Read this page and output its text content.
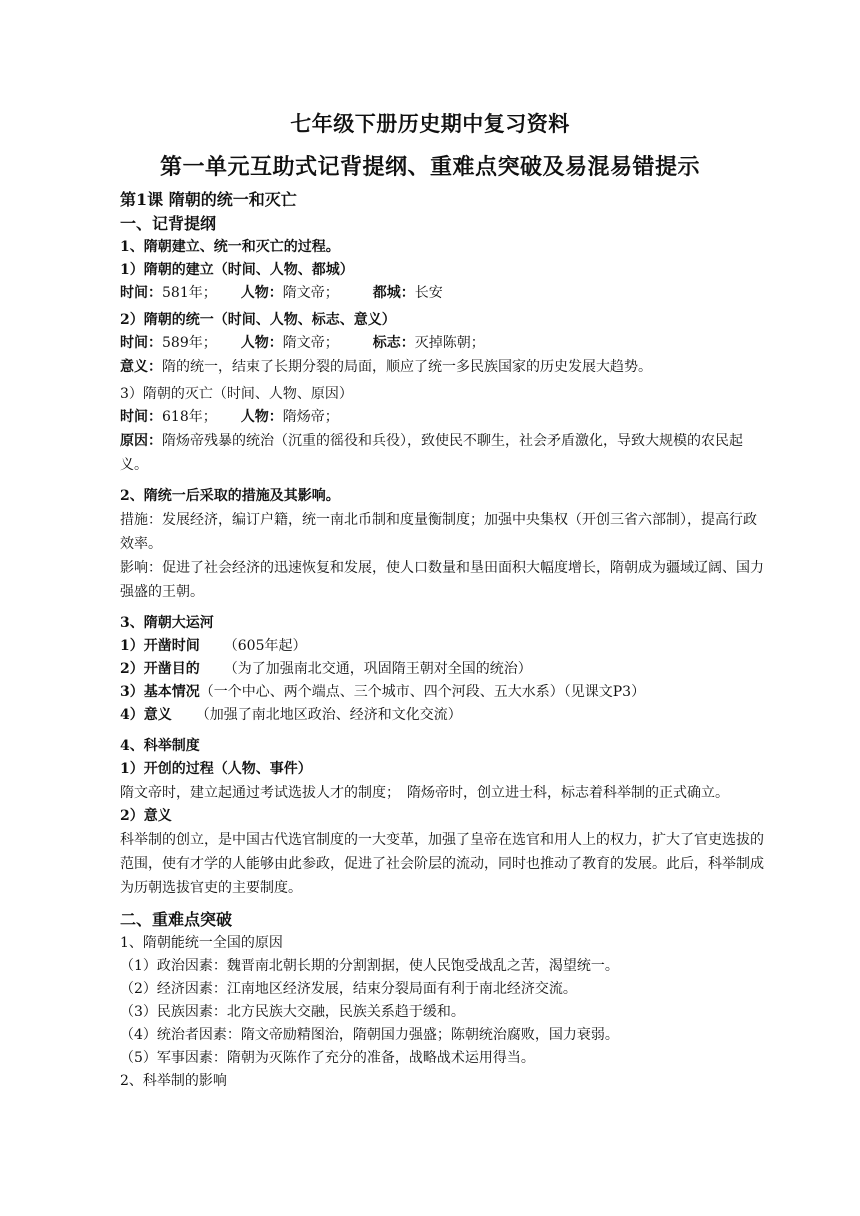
七年级下册历史期中复习资料
第一单元互助式记背提纲、重难点突破及易混易错提示
第1课 隋朝的统一和灭亡
一、记背提纲
1、隋朝建立、统一和灭亡的过程。
1）隋朝的建立（时间、人物、都城）
时间：581年； 人物：隋文帝； 都城：长安
2）隋朝的统一（时间、人物、标志、意义）
时间：589年； 人物：隋文帝； 标志：灭掉陈朝；
意义：隋的统一，结束了长期分裂的局面，顺应了统一多民族国家的历史发展大趋势。
3）隋朝的灭亡（时间、人物、原因）
时间：618年； 人物：隋炀帝；
原因：隋炀帝残暴的统治（沉重的徭役和兵役），致使民不聊生，社会矛盾激化，导致大规模的农民起义。
2、隋统一后采取的措施及其影响。
措施：发展经济，编订户籍，统一南北币制和度量衡制度；加强中央集权（开创三省六部制），提高行政效率。
影响：促进了社会经济的迅速恢复和发展，使人口数量和垦田面积大幅度增长，隋朝成为疆域辽阔、国力强盛的王朝。
3、隋朝大运河
1）开凿时间 （605年起）
2）开凿目的 （为了加强南北交通，巩固隋王朝对全国的统治）
3）基本情况（一个中心、两个端点、三个城市、四个河段、五大水系）（见课文P3）
4）意义 （加强了南北地区政治、经济和文化交流）
4、科举制度
1）开创的过程（人物、事件）
隋文帝时，建立起通过考试选拔人才的制度；　隋炀帝时，创立进士科，标志着科举制的正式确立。
2）意义
科举制的创立，是中国古代选官制度的一大变革，加强了皇帝在选官和用人上的权力，扩大了官吏选拔的范围，使有才学的人能够由此参政，促进了社会阶层的流动，同时也推动了教育的发展。此后，科举制成为历朝选拔官吏的主要制度。
二、重难点突破
1、隋朝能统一全国的原因
（1）政治因素：魏晋南北朝长期的分割割据，使人民饱受战乱之苦，渴望统一。
（2）经济因素：江南地区经济发展，结束分裂局面有利于南北经济交流。
（3）民族因素：北方民族大交融，民族关系趋于缓和。
（4）统治者因素：隋文帝励精图治，隋朝国力强盛；陈朝统治腐败，国力衰弱。
（5）军事因素：隋朝为灭陈作了充分的准备，战略战术运用得当。
2、科举制的影响
